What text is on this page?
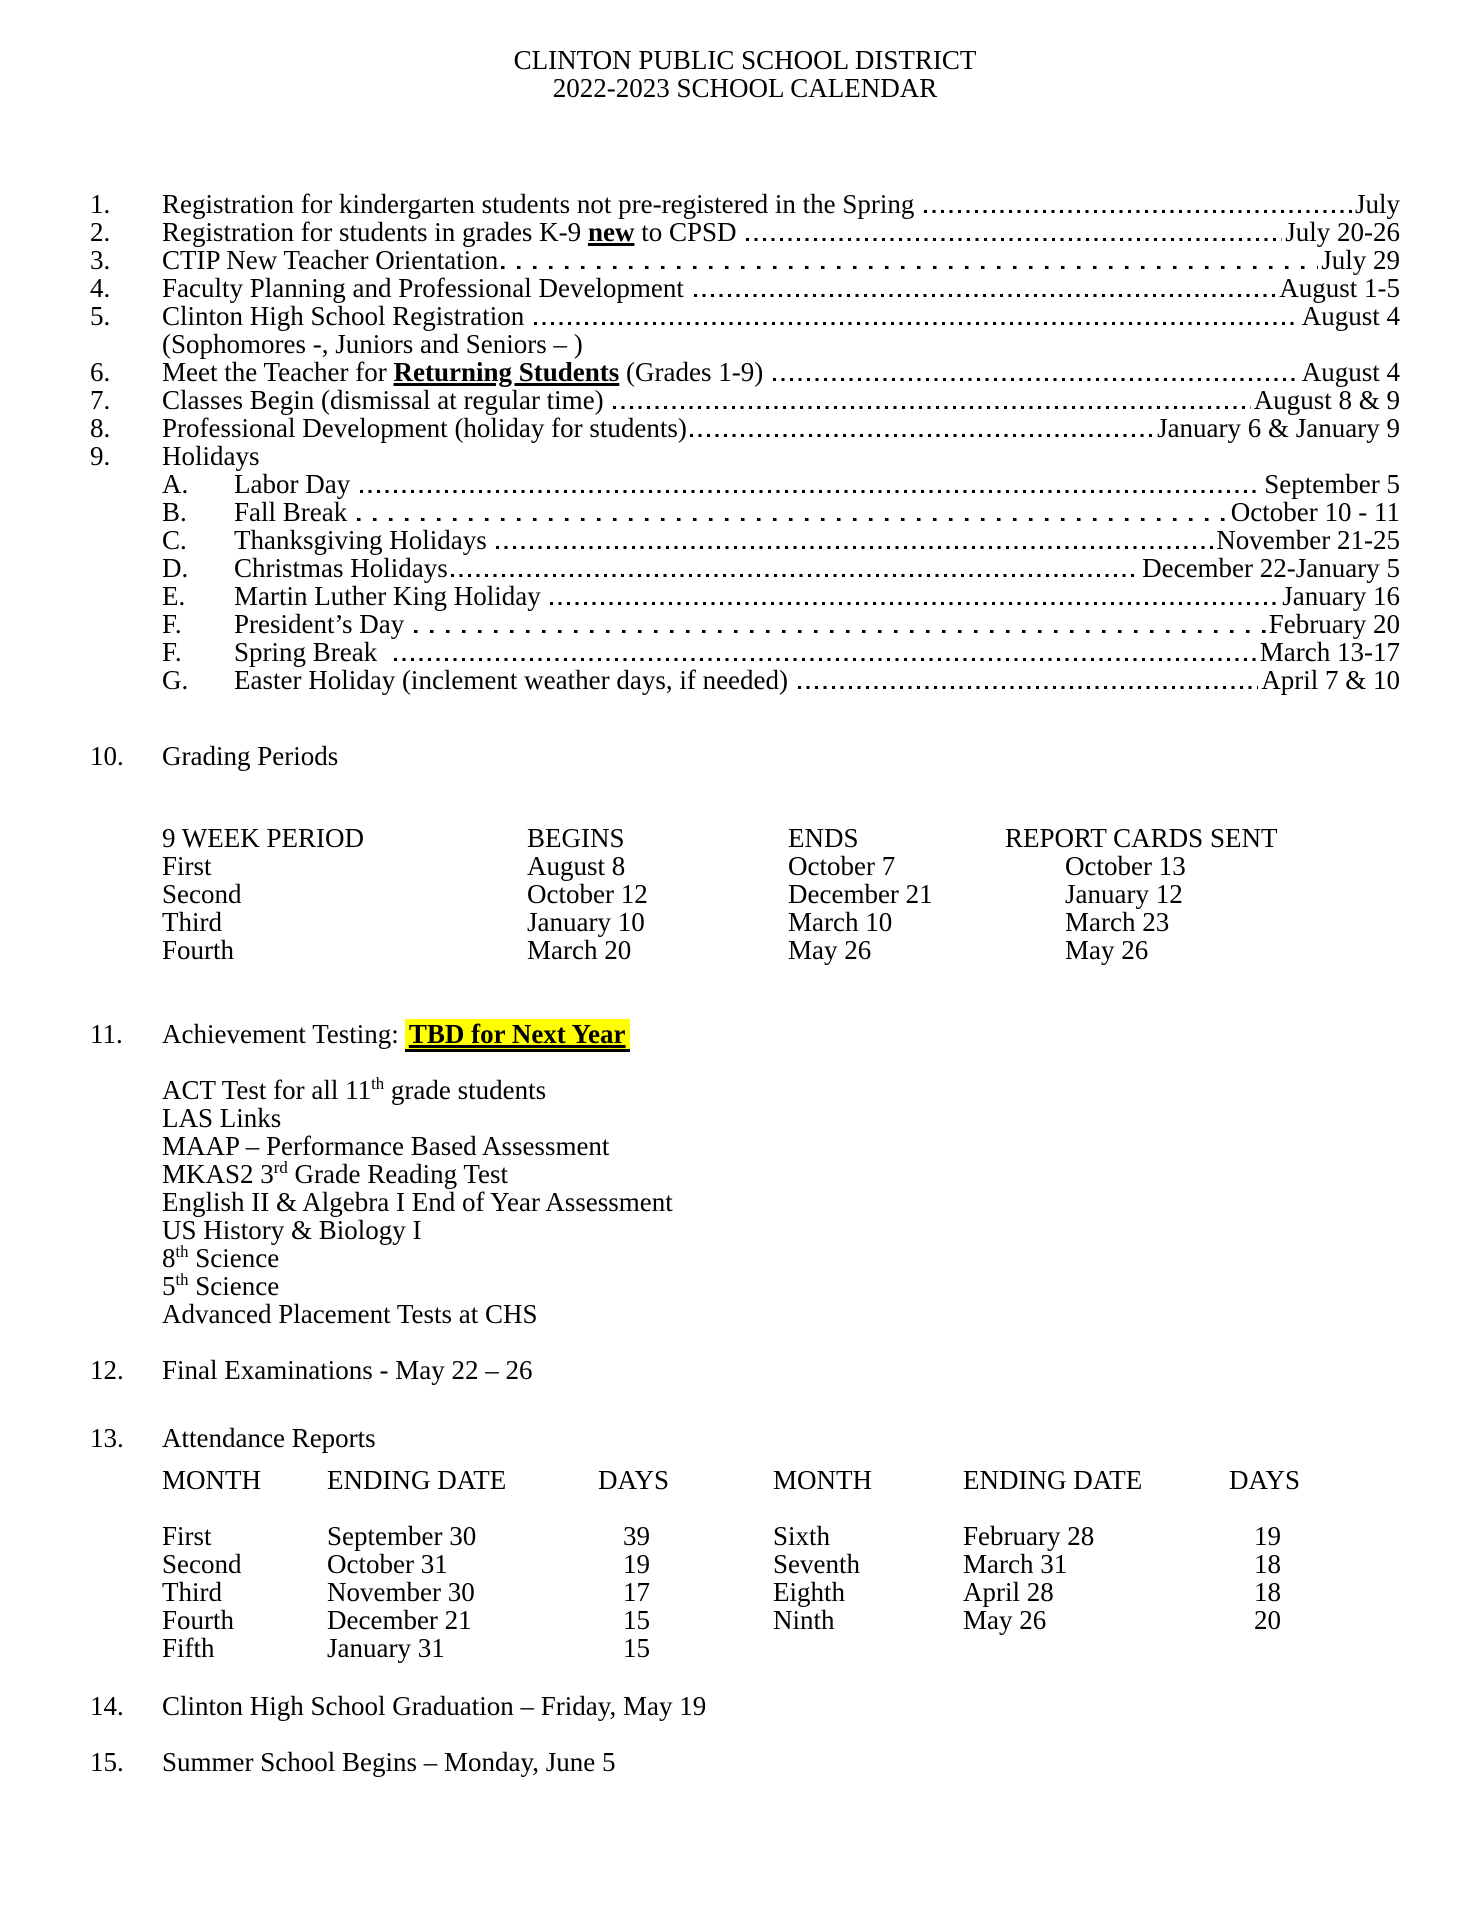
CLINTON PUBLIC SCHOOL DISTRICT
2022-2023 SCHOOL CALENDAR
1.	Registration for kindergarten students not pre-registered in the Spring	July
2.	Registration for students in grades K-9 new to CPSD	July 20-26
3.	CTIP New Teacher Orientation	July 29
4.	Faculty Planning and Professional Development	August 1-5
5.	Clinton High School Registration	August 4
(Sophomores -, Juniors and Seniors – )
6.	Meet the Teacher for Returning Students (Grades 1-9)	August 4
7.	Classes Begin (dismissal at regular time)	August 8 & 9
8.	Professional Development (holiday for students)	January 6 & January 9
9.	Holidays
A.	Labor Day	September 5
B.	Fall Break	October 10 - 11
C.	Thanksgiving Holidays	November 21-25
D.	Christmas Holidays	December 22-January 5
E.	Martin Luther King Holiday	January 16
F.	President’s Day	February 20
F.	Spring Break	March 13-17
G.	Easter Holiday (inclement weather days, if needed)	April 7 & 10
10.	Grading Periods
9 WEEK PERIOD	BEGINS	ENDS	REPORT CARDS SENT
First	August 8	October 7	October 13
Second	October 12	December 21	January 12
Third	January 10	March 10	March 23
Fourth	March 20	May 26	May 26
11.	Achievement Testing: TBD for Next Year
ACT Test for all 11th grade students
LAS Links
MAAP – Performance Based Assessment
MKAS2 3rd Grade Reading Test
English II & Algebra I End of Year Assessment
US History & Biology I
8th Science
5th Science
Advanced Placement Tests at CHS
12.	Final Examinations - May 22 – 26
13.	Attendance Reports
MONTH	ENDING DATE	DAYS	MONTH	ENDING DATE	DAYS
First	September 30	39	Sixth	February 28	19
Second	October 31	19	Seventh	March 31	18
Third	November 30	17	Eighth	April 28	18
Fourth	December 21	15	Ninth	May 26	20
Fifth	January 31	15
14.	Clinton High School Graduation – Friday, May 19
15.	Summer School Begins – Monday, June 5
